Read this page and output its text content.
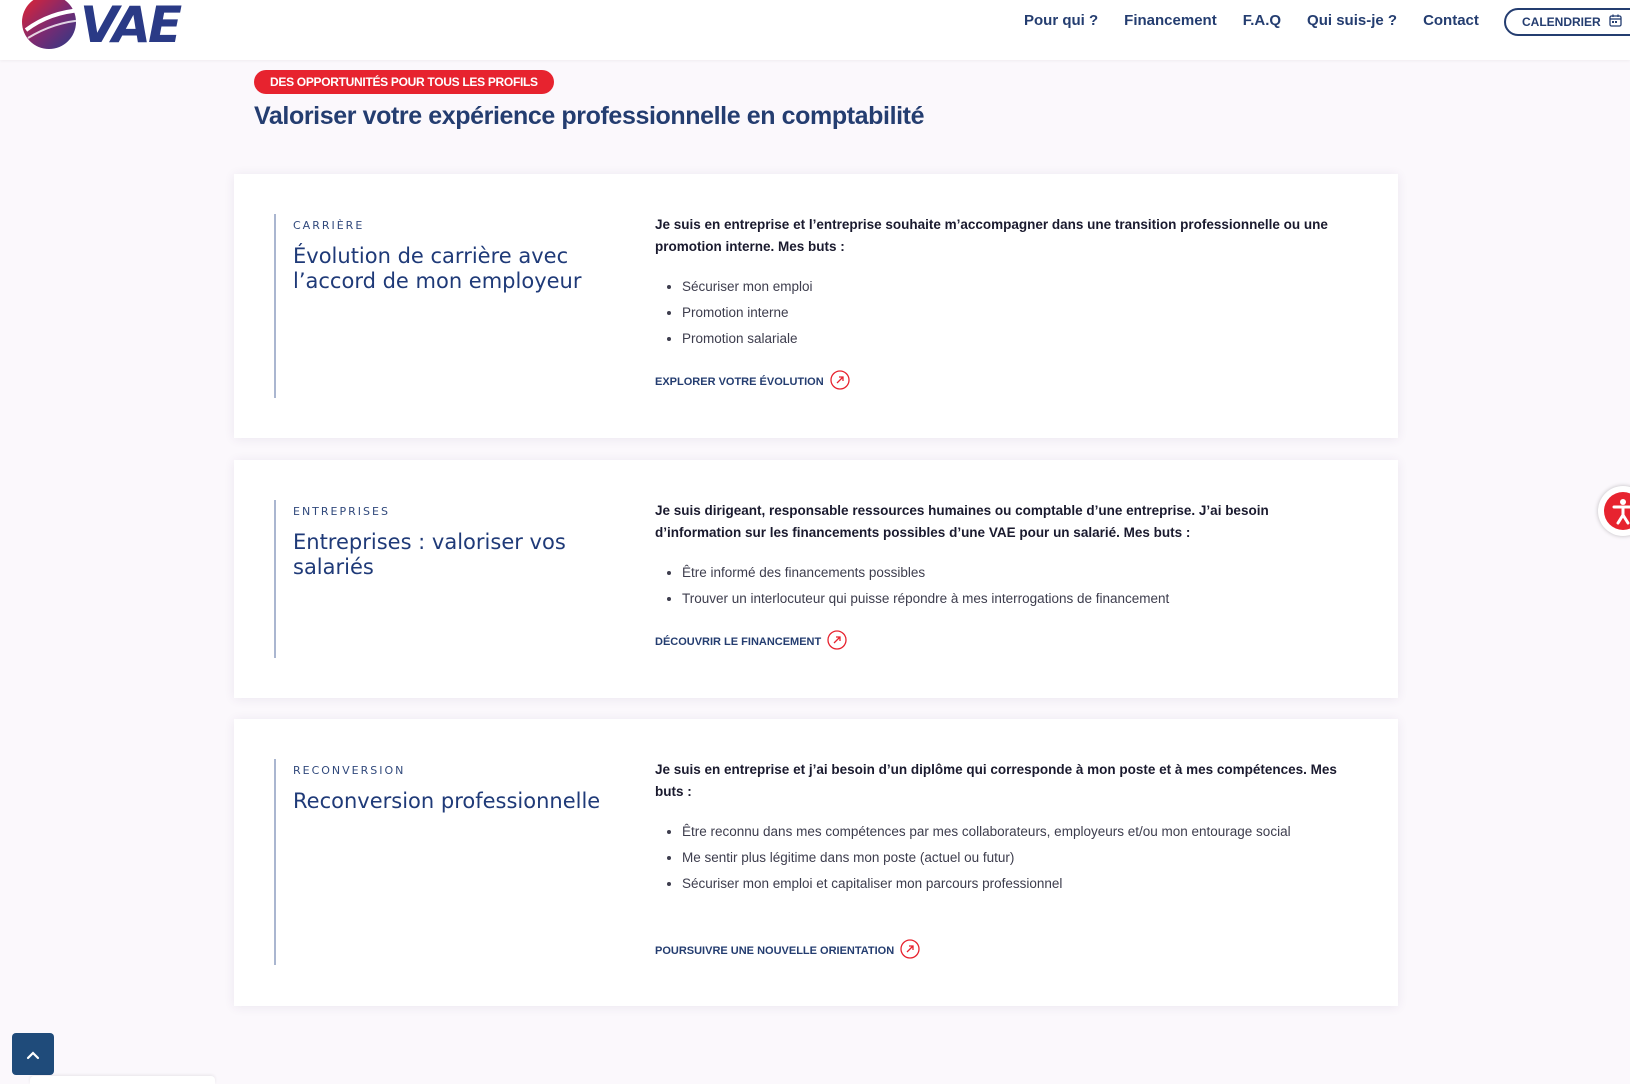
VAE	Pour qui ? Financement F.A.Q Qui suis-je ? Contact	CALENDRIER
DES OPPORTUNITÉS POUR TOUS LES PROFILS
Valoriser votre expérience professionnelle en comptabilité
CARRIÈRE
Évolution de carrière avec l’accord de mon employeur
Je suis en entreprise et l’entreprise souhaite m’accompagner dans une transition professionnelle ou une promotion interne. Mes buts :
• Sécuriser mon emploi
• Promotion interne
• Promotion salariale
EXPLORER VOTRE ÉVOLUTION
ENTREPRISES
Entreprises : valoriser vos salariés
Je suis dirigeant, responsable ressources humaines ou comptable d’une entreprise. J’ai besoin d’information sur les financements possibles d’une VAE pour un salarié. Mes buts :
• Être informé des financements possibles
• Trouver un interlocuteur qui puisse répondre à mes interrogations de financement
DÉCOUVRIR LE FINANCEMENT
RECONVERSION
Reconversion professionnelle
Je suis en entreprise et j’ai besoin d’un diplôme qui corresponde à mon poste et à mes compétences. Mes buts :
• Être reconnu dans mes compétences par mes collaborateurs, employeurs et/ou mon entourage social
• Me sentir plus légitime dans mon poste (actuel ou futur)
• Sécuriser mon emploi et capitaliser mon parcours professionnel
POURSUIVRE UNE NOUVELLE ORIENTATION
